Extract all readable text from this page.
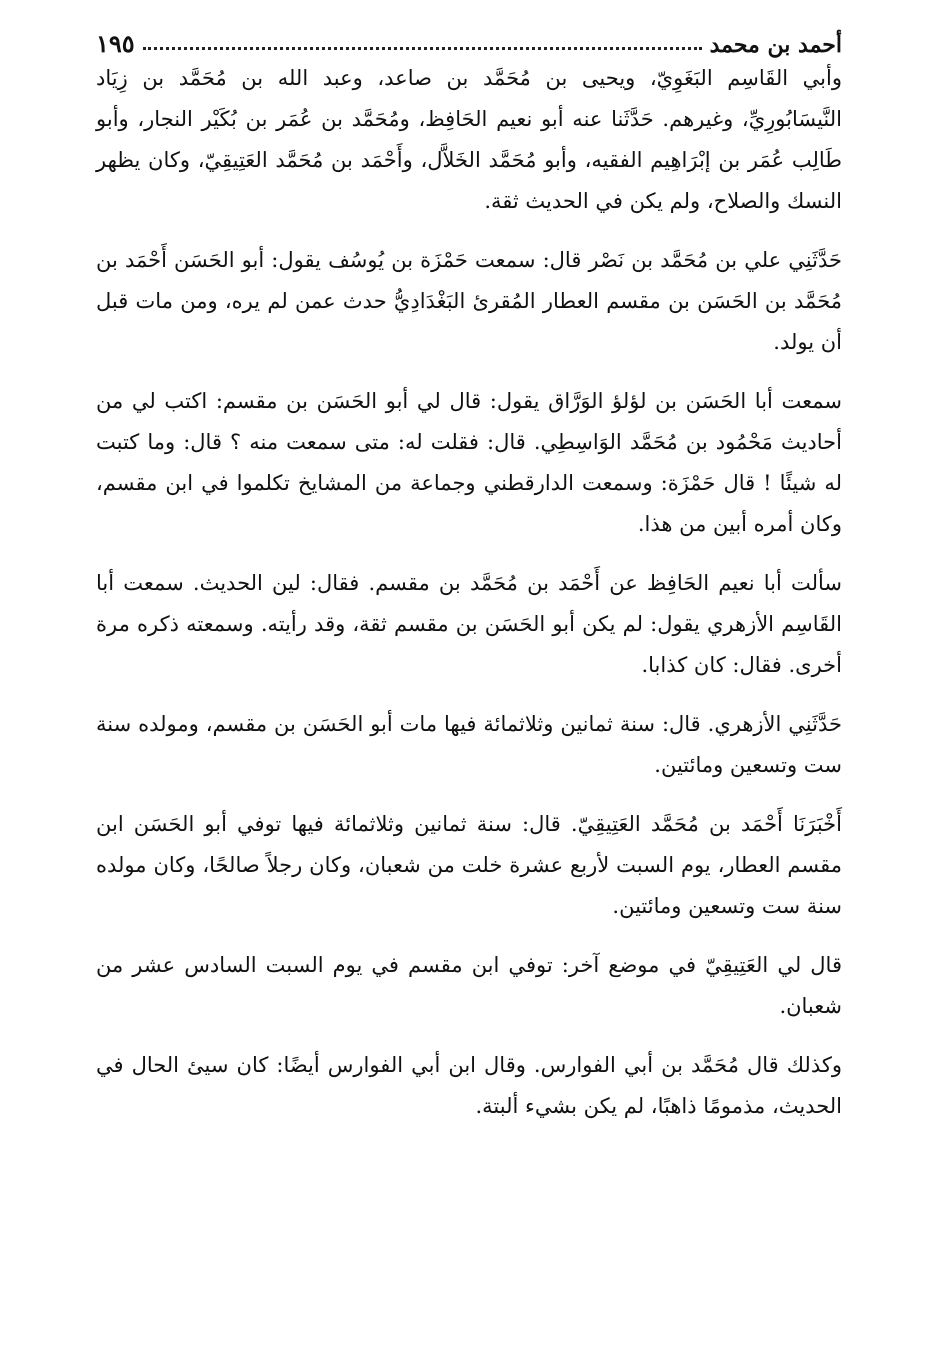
أحمد بن محمد
١٩٥

وأبي القَاسِم البَغَوِيّ، ويحيى بن مُحَمَّد بن صاعد، وعبد الله بن مُحَمَّد بن زِيَاد النَّيسَابُورِيِّ، وغيرهم. حَدَّثَنا عنه أبو نعيم الحَافِظ، ومُحَمَّد بن عُمَر بن بُكَيْر النجار، وأبو طَالِب عُمَر بن إبْرَاهِيم الفقيه، وأبو مُحَمَّد الخَلاَّل، وأَحْمَد بن مُحَمَّد العَتِيقِيّ، وكان يظهر النسك والصلاح، ولم يكن في الحديث ثقة.

حَدَّثَنِي علي بن مُحَمَّد بن نَصْر قال: سمعت حَمْزَة بن يُوسُف يقول: أبو الحَسَن أَحْمَد بن مُحَمَّد بن الحَسَن بن مقسم العطار المُقرئ البَغْدَادِيُّ حدث عمن لم يره، ومن مات قبل أن يولد.

سمعت أبا الحَسَن بن لؤلؤ الوَرَّاق يقول: قال لي أبو الحَسَن بن مقسم: اكتب لي من أحاديث مَحْمُود بن مُحَمَّد الوَاسِطِي. قال: فقلت له: متى سمعت منه ؟ قال: وما كتبت له شيئًا ! قال حَمْزَة: وسمعت الدارقطني وجماعة من المشايخ تكلموا في ابن مقسم، وكان أمره أبين من هذا.

سألت أبا نعيم الحَافِظ عن أَحْمَد بن مُحَمَّد بن مقسم. فقال: لين الحديث. سمعت أبا القَاسِم الأزهري يقول: لم يكن أبو الحَسَن بن مقسم ثقة، وقد رأيته. وسمعته ذكره مرة أخرى. فقال: كان كذابا.

حَدَّثَنِي الأزهري. قال: سنة ثمانين وثلاثمائة فيها مات أبو الحَسَن بن مقسم، ومولده سنة ست وتسعين ومائتين.

أَخْبَرَنَا أَحْمَد بن مُحَمَّد العَتِيقِيّ. قال: سنة ثمانين وثلاثمائة فيها توفي أبو الحَسَن ابن مقسم العطار، يوم السبت لأربع عشرة خلت من شعبان، وكان رجلاً صالحًا، وكان مولده سنة ست وتسعين ومائتين.

قال لي العَتِيقِيّ في موضع آخر: توفي ابن مقسم في يوم السبت السادس عشر من شعبان.

وكذلك قال مُحَمَّد بن أبي الفوارس. وقال ابن أبي الفوارس أيضًا: كان سيئ الحال في الحديث، مذمومًا ذاهبًا، لم يكن بشيء ألبتة.
